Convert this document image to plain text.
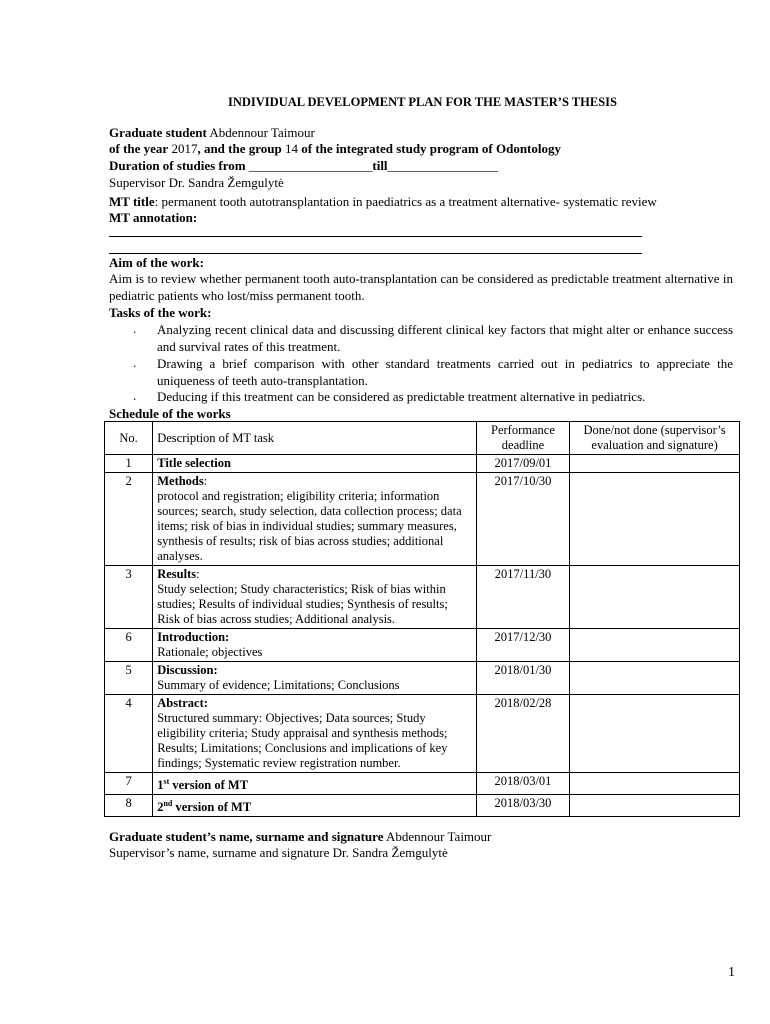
INDIVIDUAL DEVELOPMENT PLAN FOR THE MASTER’S THESIS
Graduate student Abdennour Taimour
of the year 2017, and the group 14 of the integrated study program of Odontology
Duration of studies from ___________________till_________________
Supervisor Dr. Sandra Žemgulytė
MT title: permanent tooth autotransplantation in paediatrics as a treatment alternative- systematic review
MT annotation:
Aim of the work:
Aim is to review whether permanent tooth auto-transplantation can be considered as predictable treatment alternative in pediatric patients who lost/miss permanent tooth.
Tasks of the work:
. Analyzing recent clinical data and discussing different clinical key factors that might alter or enhance success and survival rates of this treatment.
. Drawing a brief comparison with other standard treatments carried out in pediatrics to appreciate the uniqueness of teeth auto-transplantation.
. Deducing if this treatment can be considered as predictable treatment alternative in pediatrics.
Schedule of the works
No.	Description of MT task	Performance deadline	Done/not done (supervisor’s evaluation and signature)
1	Title selection	2017/09/01	
2	Methods:
protocol and registration; eligibility criteria; information sources; search, study selection, data collection process; data items; risk of bias in individual studies; summary measures, synthesis of results; risk of bias across studies; additional analyses.	2017/10/30	
3	Results:
Study selection; Study characteristics; Risk of bias within studies; Results of individual studies; Synthesis of results; Risk of bias across studies; Additional analysis.	2017/11/30	
6	Introduction:
Rationale; objectives	2017/12/30	
5	Discussion:
Summary of evidence; Limitations; Conclusions	2018/01/30	
4	Abstract:
Structured summary: Objectives; Data sources; Study eligibility criteria; Study appraisal and synthesis methods; Results; Limitations; Conclusions and implications of key findings; Systematic review registration number.	2018/02/28	
7	1st version of MT	2018/03/01	
8	2nd version of MT	2018/03/30	
Graduate student’s name, surname and signature Abdennour Taimour
Supervisor’s name, surname and signature Dr. Sandra Žemgulytė
1
